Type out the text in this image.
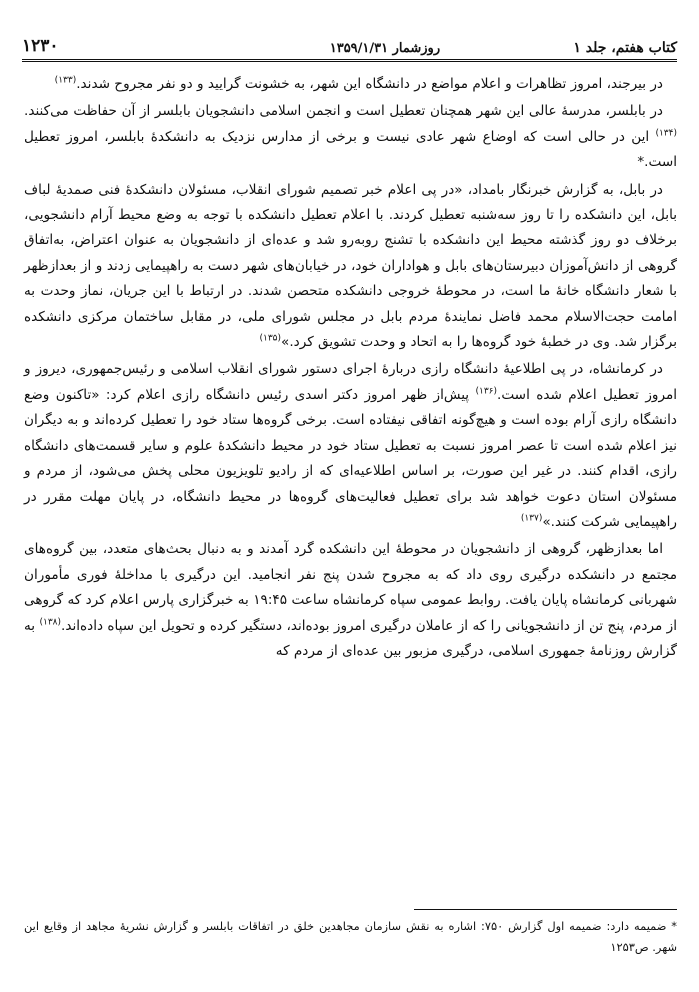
۱۲۳۰	روزشمار ۱۳۵۹/۱/۳۱	کتاب هفتم، جلد ۱

در بیرجند، امروز تظاهرات و اعلام مواضع در دانشگاه این شهر، به خشونت گرایید و دو نفر مجروح شدند.$^{(۱۳۳)}$

در بابلسر، مدرسهٔ عالی این شهر همچنان تعطیل است و انجمن اسلامی دانشجویان بابلسر از آن حفاظت می‌کنند.$^{(۱۳۴)}$ این در حالی است که اوضاع شهر عادی نیست و برخی از مدارس نزدیک به دانشکدهٔ بابلسر، امروز تعطیل است.*

در بابل، به گزارش خبرنگار بامداد، «در پی اعلام خبر تصمیم شورای انقلاب، مسئولان دانشکدهٔ فنی صمدیهٔ لباف بابل، این دانشکده را تا روز سه‌شنبه تعطیل کردند. با اعلام تعطیل دانشکده با توجه به وضع محیط آرام دانشجویی، برخلاف دو روز گذشته محیط این دانشکده با تشنج روبه‌رو شد و عده‌ای از دانشجویان به عنوان اعتراض، به‌اتفاق گروهی از دانش‌آموزان دبیرستان‌های بابل و هواداران خود، در خیابان‌های شهر دست به راهپیمایی زدند و از بعدازظهر با شعار دانشگاه خانهٔ ما است، در محوطهٔ خروجی دانشکده متحصن شدند. در ارتباط با این جریان، نماز وحدت به امامت حجت‌الاسلام محمد فاضل نمایندهٔ مردم بابل در مجلس شورای ملی، در مقابل ساختمان مرکزی دانشکده برگزار شد. وی در خطبهٔ خود گروه‌ها را به اتحاد و وحدت تشویق کرد.»$^{(۱۳۵)}$

در کرمانشاه، در پی اطلاعیهٔ دانشگاه رازی دربارهٔ اجرای دستور شورای انقلاب اسلامی و رئیس‌جمهوری، دیروز و امروز تعطیل اعلام شده است.$^{(۱۳۶)}$ پیش‌از ظهر امروز دکتر اسدی رئیس دانشگاه رازی اعلام کرد: «تاکنون وضع دانشگاه رازی آرام بوده است و هیچ‌گونه اتفاقی نیفتاده است. برخی گروه‌ها ستاد خود را تعطیل کرده‌اند و به دیگران نیز اعلام شده است تا عصر امروز نسبت به تعطیل ستاد خود در محیط دانشکدهٔ علوم و سایر قسمت‌های دانشگاه رازی، اقدام کنند. در غیر این صورت، بر اساس اطلاعیه‌ای که از رادیو تلویزیون محلی پخش می‌شود، از مردم و مسئولان استان دعوت خواهد شد برای تعطیل فعالیت‌های گروه‌ها در محیط دانشگاه، در پایان مهلت مقرر در راهپیمایی شرکت کنند.»$^{(۱۳۷)}$

اما بعدازظهر، گروهی از دانشجویان در محوطهٔ این دانشکده گرد آمدند و به دنبال بحث‌های متعدد، بین گروه‌های مجتمع در دانشکده درگیری روی داد که به مجروح شدن پنج نفر انجامید. این درگیری با مداخلهٔ فوری مأموران شهربانی کرمانشاه پایان یافت. روابط عمومی سپاه کرمانشاه ساعت ۱۹:۴۵ به خبرگزاری پارس اعلام کرد که گروهی از مردم، پنج تن از دانشجویانی را که از عاملان درگیری امروز بوده‌اند، دستگیر کرده و تحویل این سپاه داده‌اند.$^{(۱۳۸)}$ به گزارش روزنامهٔ جمهوری اسلامی، درگیری مزبور بین عده‌ای از مردم که

* ضمیمه دارد: ضمیمه اول گزارش ۷۵۰: اشاره به نقش سازمان مجاهدین خلق در اتفاقات بابلسر و گزارش نشریهٔ مجاهد از وقایع این شهر. ص۱۲۵۳
